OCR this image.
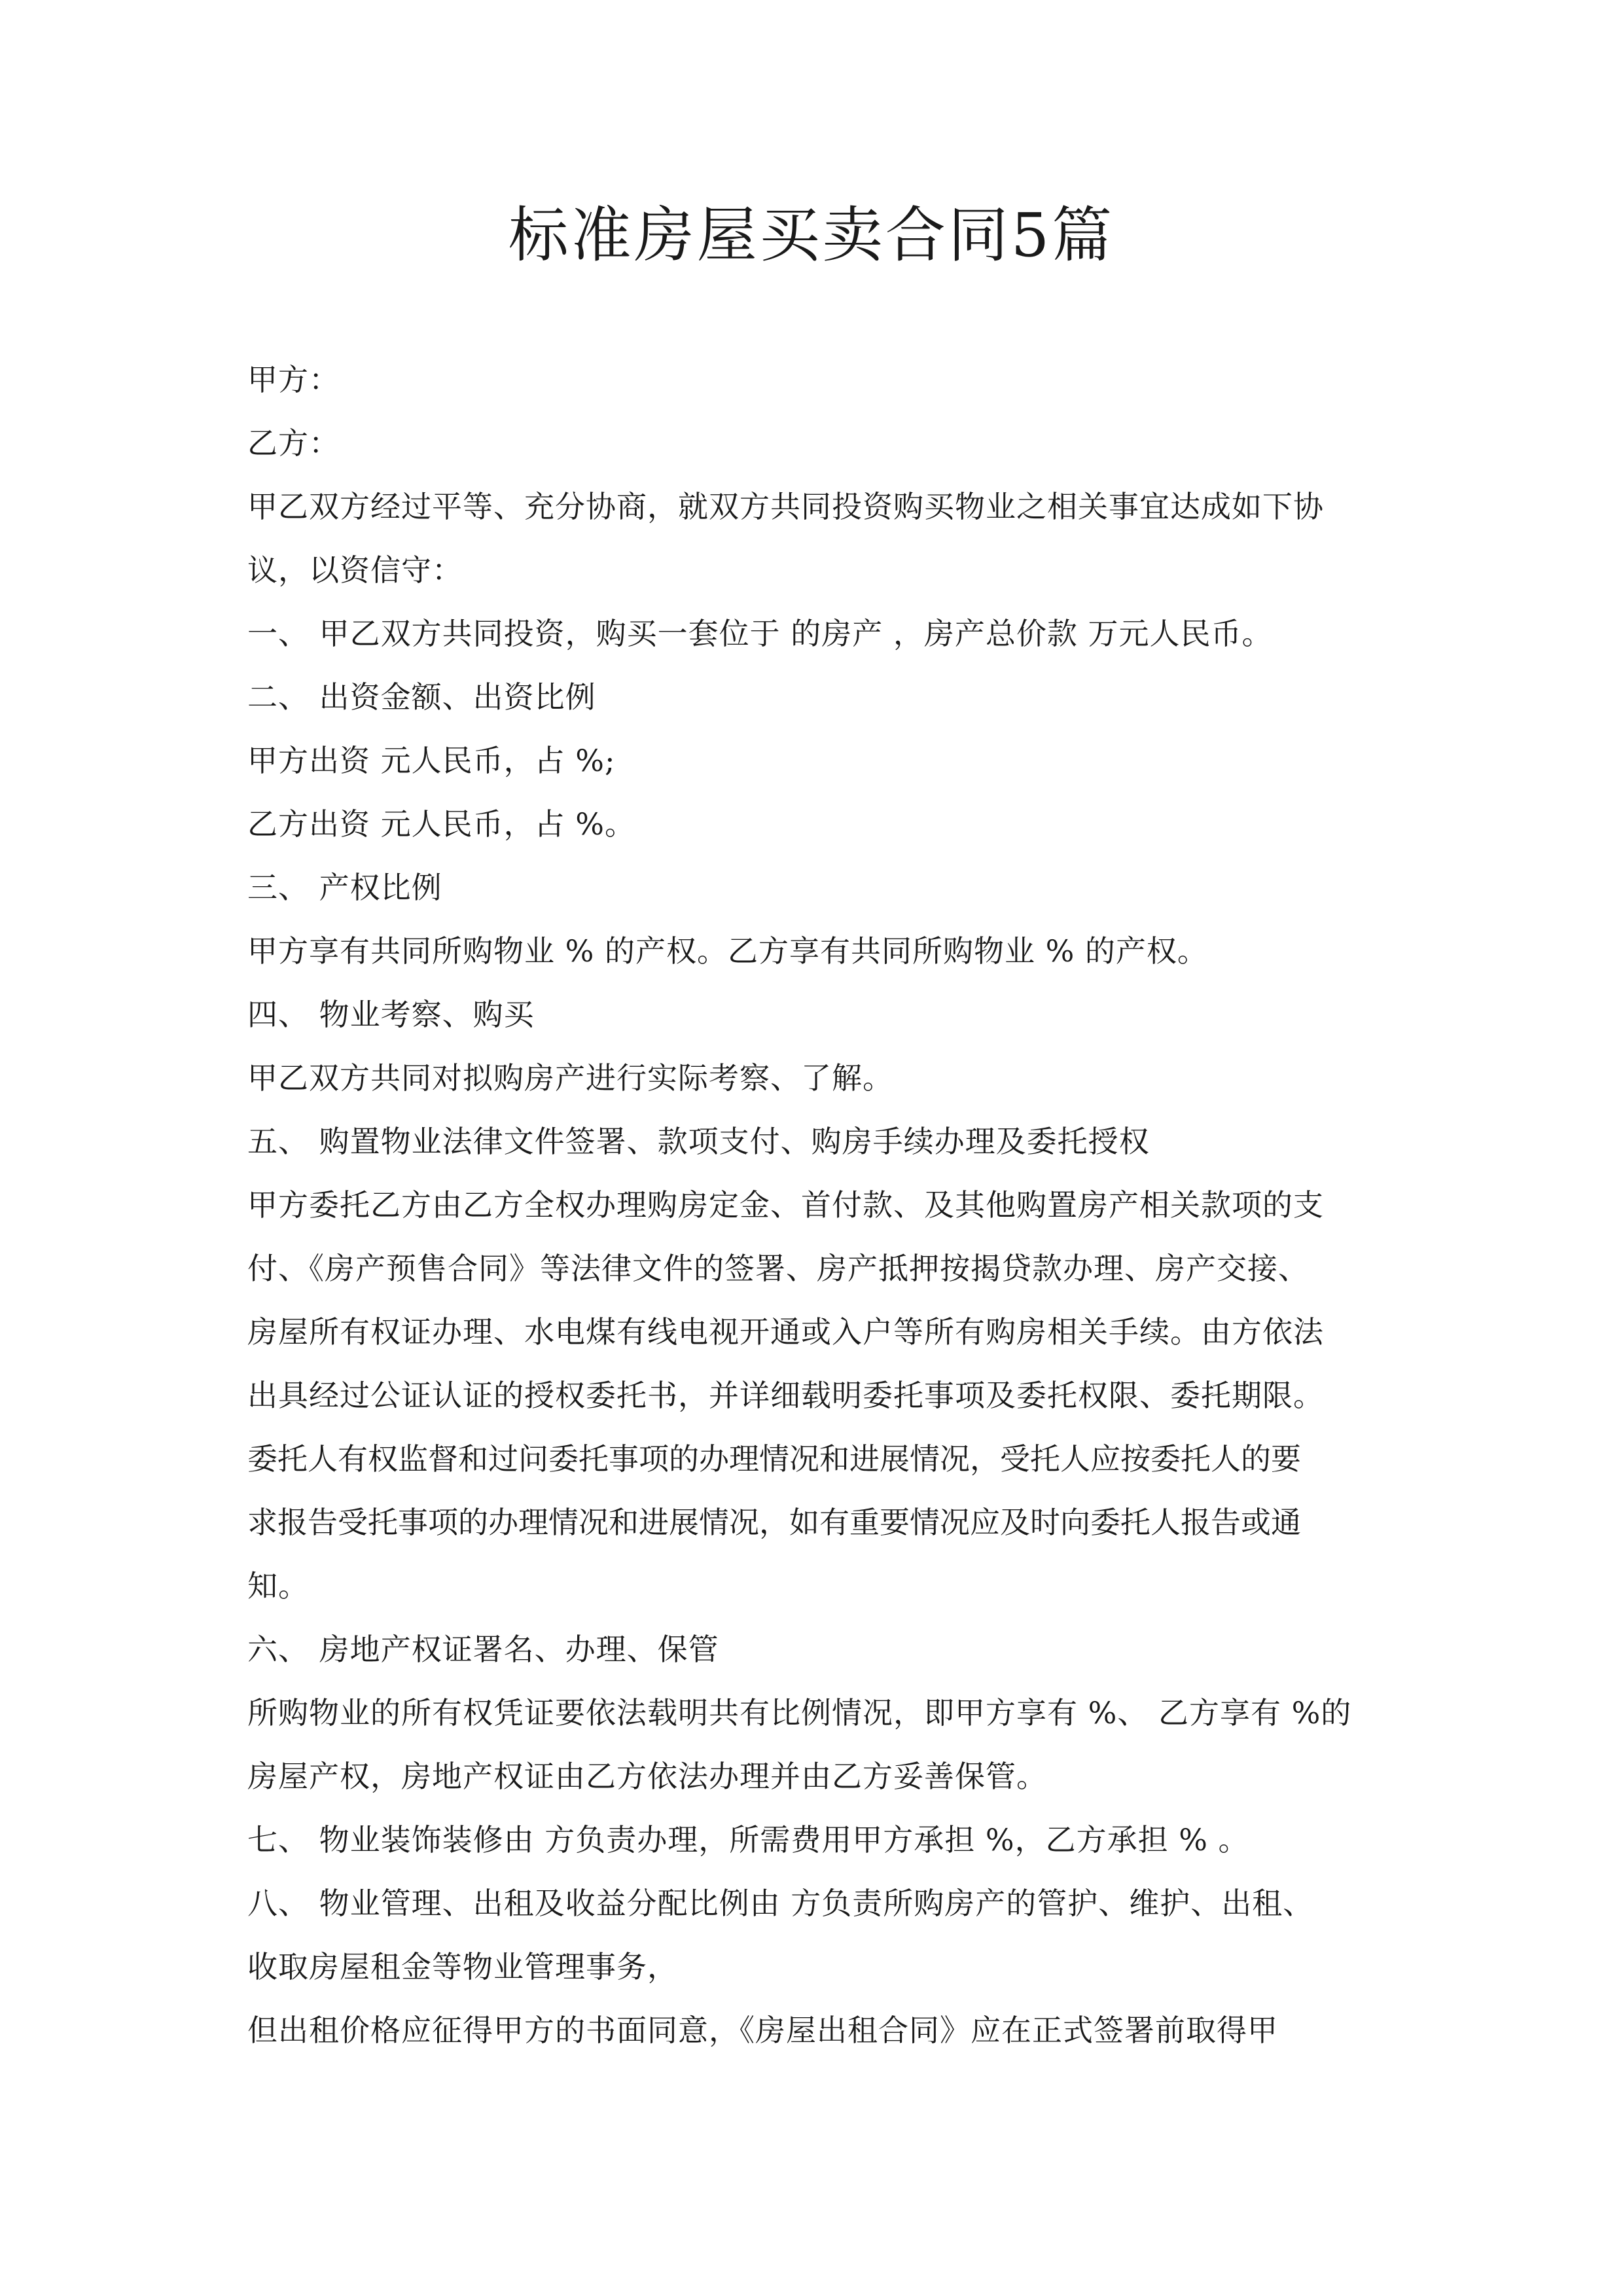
标准房屋买卖合同5篇
甲方：
乙方：
甲乙双方经过平等、充分协商，就双方共同投资购买物业之相关事宜达成如下协
议，以资信守：
一、 甲乙双方共同投资，购买一套位于 的房产 ，房产总价款 万元人民币。
二、 出资金额、出资比例
甲方出资 元人民币，占 %;
乙方出资 元人民币，占 %。
三、 产权比例
甲方享有共同所购物业 % 的产权。乙方享有共同所购物业 % 的产权。
四、 物业考察、购买
甲乙双方共同对拟购房产进行实际考察、了解。
五、 购置物业法律文件签署、款项支付、购房手续办理及委托授权
甲方委托乙方由乙方全权办理购房定金、首付款、及其他购置房产相关款项的支
付、《房产预售合同》等法律文件的签署、房产抵押按揭贷款办理、房产交接、
房屋所有权证办理、水电煤有线电视开通或入户等所有购房相关手续。由方依法
出具经过公证认证的授权委托书，并详细载明委托事项及委托权限、委托期限。
委托人有权监督和过问委托事项的办理情况和进展情况，受托人应按委托人的要
求报告受托事项的办理情况和进展情况，如有重要情况应及时向委托人报告或通
知。
六、 房地产权证署名、办理、保管
所购物业的所有权凭证要依法载明共有比例情况，即甲方享有 %、 乙方享有 %的
房屋产权，房地产权证由乙方依法办理并由乙方妥善保管。
七、 物业装饰装修由 方负责办理，所需费用甲方承担 %，乙方承担 % 。
八、 物业管理、出租及收益分配比例由 方负责所购房产的管护、维护、出租、
收取房屋租金等物业管理事务，
但出租价格应征得甲方的书面同意，《房屋出租合同》应在正式签署前取得甲
